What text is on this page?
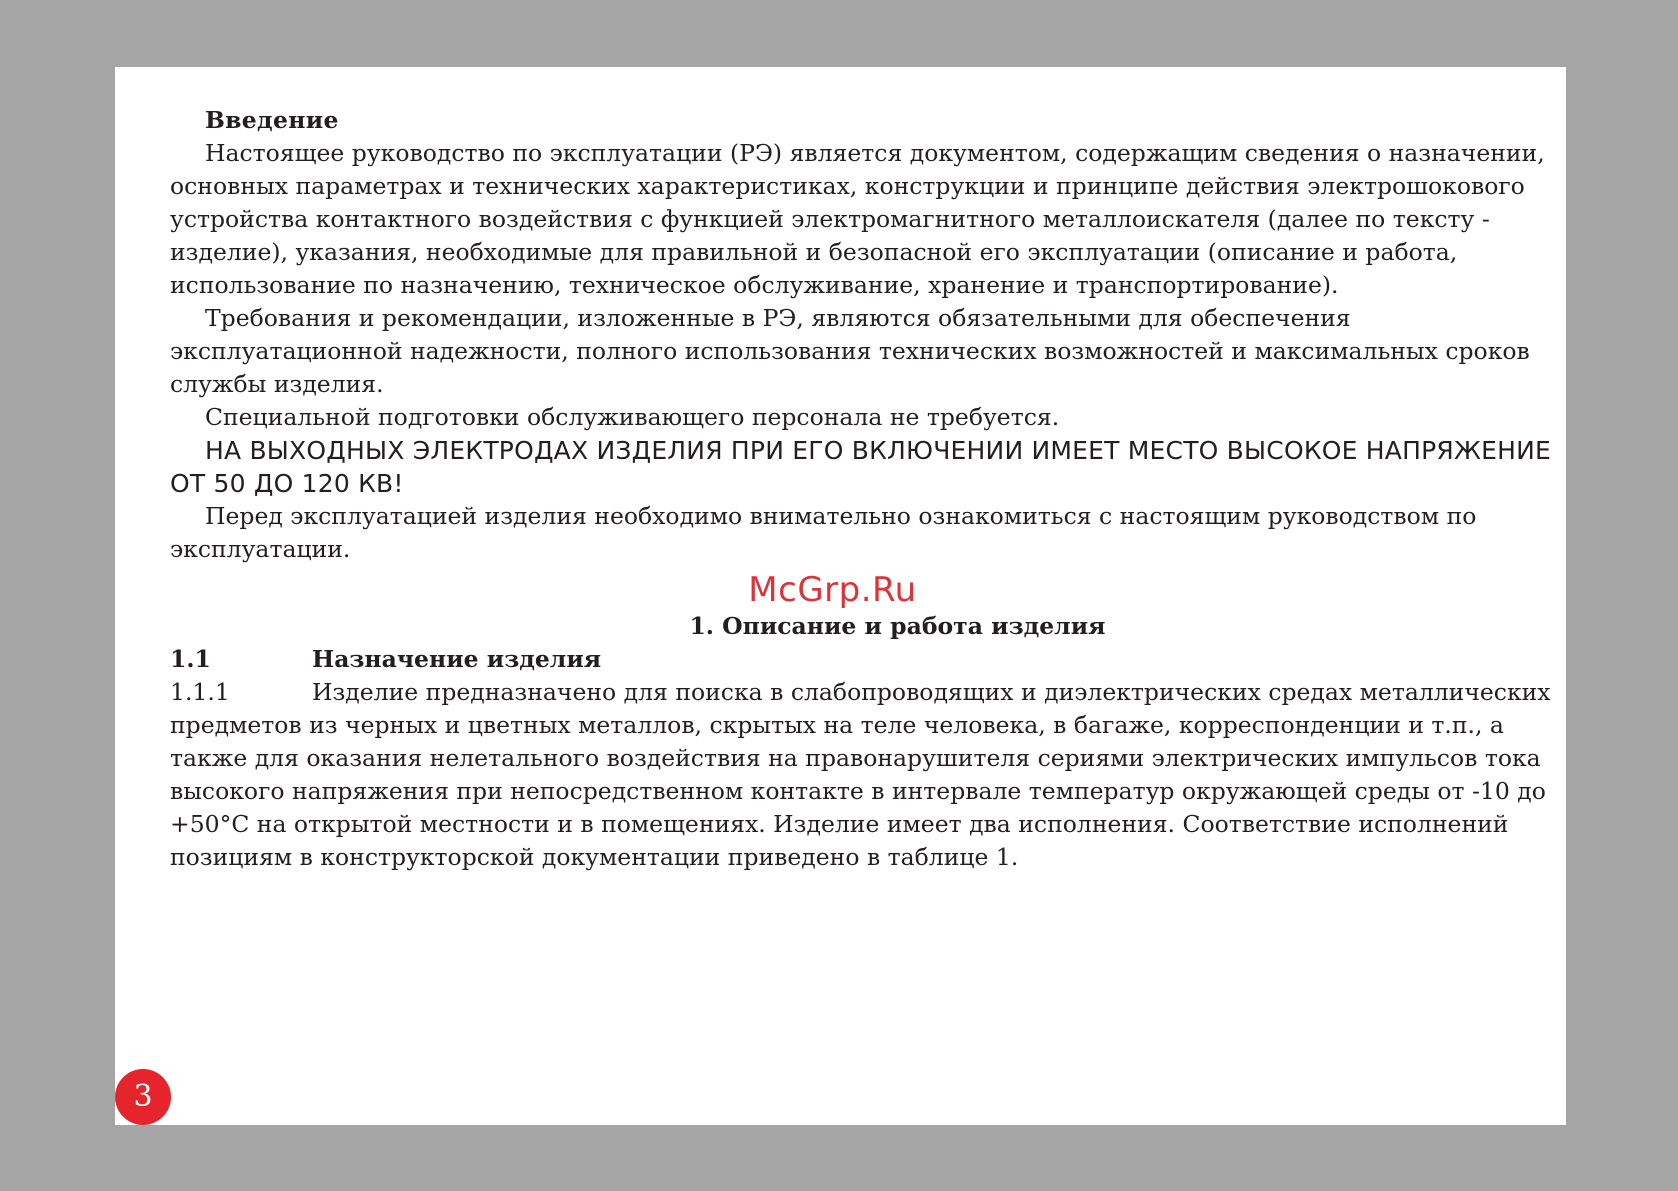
Введение

Настоящее руководство по эксплуатации (РЭ) является документом, содержащим сведения о назначении, основных параметрах и технических характеристиках, конструкции и принципе действия электрошокового устройства контактного воздействия с функцией электромагнитного металлоискателя (далее по тексту - изделие), указания, необходимые для правильной и безопасной его эксплуатации (описание и работа, использование по назначению, техническое обслуживание, хранение и транспортирование).

Требования и рекомендации, изложенные в РЭ, являются обязательными для обеспечения эксплуатационной надежности, полного использования технических возможностей и максимальных сроков службы изделия.

Специальной подготовки обслуживающего персонала не требуется.

НА ВЫХОДНЫХ ЭЛЕКТРОДАХ ИЗДЕЛИЯ ПРИ ЕГО ВКЛЮЧЕНИИ ИМЕЕТ МЕСТО ВЫСОКОЕ НАПРЯЖЕНИЕ ОТ 50 ДО 120 КВ!

Перед эксплуатацией изделия необходимо внимательно ознакомиться с настоящим руководством по эксплуатации.

McGrp.Ru

1. Описание и работа изделия

1.1	Назначение изделия
1.1.1	Изделие предназначено для поиска в слабопроводящих и диэлектрических средах металлических предметов из черных и цветных металлов, скрытых на теле человека, в багаже, корреспонденции и т.п., а также для оказания нелетального воздействия на правонарушителя сериями электрических импульсов тока высокого напряжения при непосредственном контакте в интервале температур окружающей среды от -10 до +50°С на открытой местности и в помещениях. Изделие имеет два исполнения. Соответствие исполнений позициям в конструкторской документации приведено в таблице 1.

3
